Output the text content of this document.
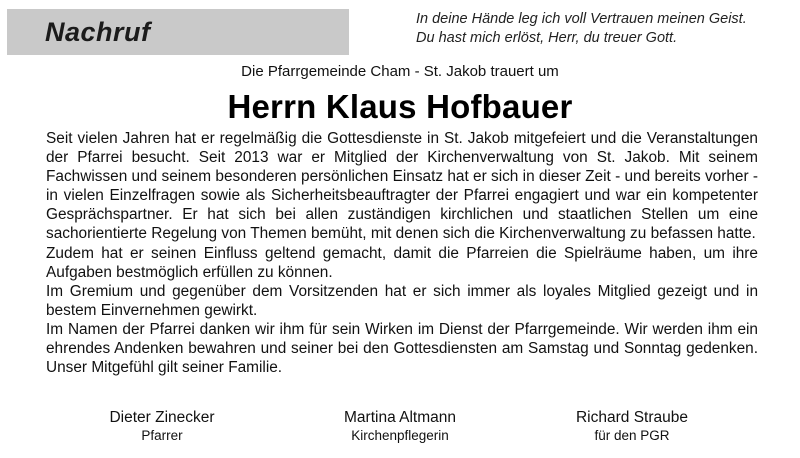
Nachruf	In deine Hände leg ich voll Vertrauen meinen Geist.
Du hast mich erlöst, Herr, du treuer Gott.
Die Pfarrgemeinde Cham - St. Jakob trauert um
Herrn Klaus Hofbauer

Seit vielen Jahren hat er regelmäßig die Gottesdienste in St. Jakob mitgefeiert und die Veranstaltungen der Pfarrei besucht. Seit 2013 war er Mitglied der Kirchenverwaltung von St. Jakob. Mit seinem Fachwissen und seinem besonderen persönlichen Einsatz hat er sich in dieser Zeit - und bereits vorher - in vielen Einzelfragen sowie als Sicherheitsbeauftragter der Pfarrei engagiert und war ein kompetenter Gesprächspartner. Er hat sich bei allen zuständigen kirchlichen und staatlichen Stellen um eine sachorientierte Regelung von Themen bemüht, mit denen sich die Kirchenverwaltung zu befassen hatte.

Zudem hat er seinen Einfluss geltend gemacht, damit die Pfarreien die Spielräume haben, um ihre Aufgaben bestmöglich erfüllen zu können.

Im Gremium und gegenüber dem Vorsitzenden hat er sich immer als loyales Mitglied gezeigt und in bestem Einvernehmen gewirkt.

Im Namen der Pfarrei danken wir ihm für sein Wirken im Dienst der Pfarrgemeinde. Wir werden ihm ein ehrendes Andenken bewahren und seiner bei den Gottesdiensten am Samstag und Sonntag gedenken. Unser Mitgefühl gilt seiner Familie.

Dieter Zinecker
Pfarrer
Martina Altmann
Kirchenpflegerin
Richard Straube
für den PGR
